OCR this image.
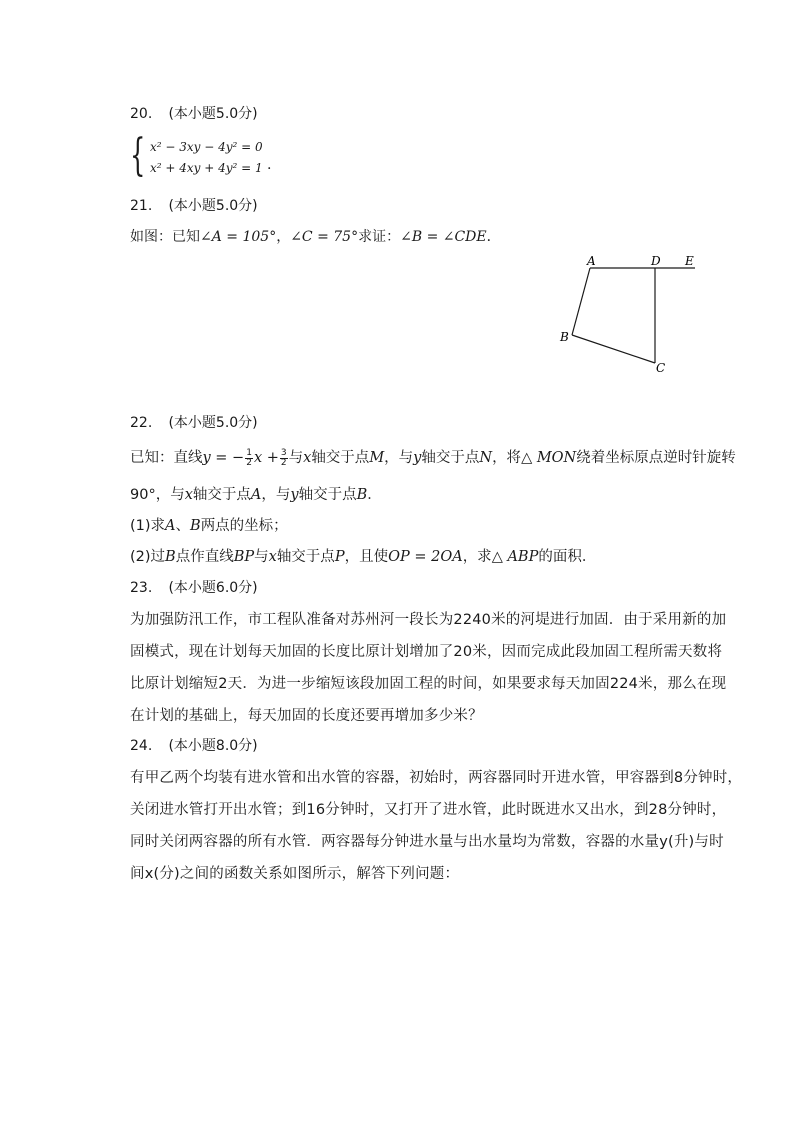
20. (本小题5.0分)
{ x² − 3xy − 4y² = 0
x² + 4xy + 4y² = 1 .
21. (本小题5.0分)
如图：已知∠A = 105°，∠C = 75°求证：∠B = ∠CDE．
A	D E
B
C
22. (本小题5.0分)
已知：直线y = − $\frac{1}{2}$ $x + \frac{3}{2}$ 与x轴交于点M，与y轴交于点N，将△ MON绕着坐标原点逆时针旋转
90°，与x轴交于点A，与y轴交于点B．
(1)求A、B两点的坐标；
(2)过B点作直线BP与x轴交于点P，且使OP = 2OA，求△ ABP的面积．
23. (本小题6.0分)
为加强防汛工作，市工程队准备对苏州河一段长为2240米的河堤进行加固．由于采用新的加
固模式，现在计划每天加固的长度比原计划增加了20米，因而完成此段加固工程所需天数将
比原计划缩短2天．为进一步缩短该段加固工程的时间，如果要求每天加固224米，那么在现
在计划的基础上，每天加固的长度还要再增加多少米？
24. (本小题8.0分)
有甲乙两个均装有进水管和出水管的容器，初始时，两容器同时开进水管，甲容器到8分钟时，
关闭进水管打开出水管；到16分钟时，又打开了进水管，此时既进水又出水，到28分钟时，
同时关闭两容器的所有水管．两容器每分钟进水量与出水量均为常数，容器的水量y(升)与时
间x(分)之间的函数关系如图所示，解答下列问题：
